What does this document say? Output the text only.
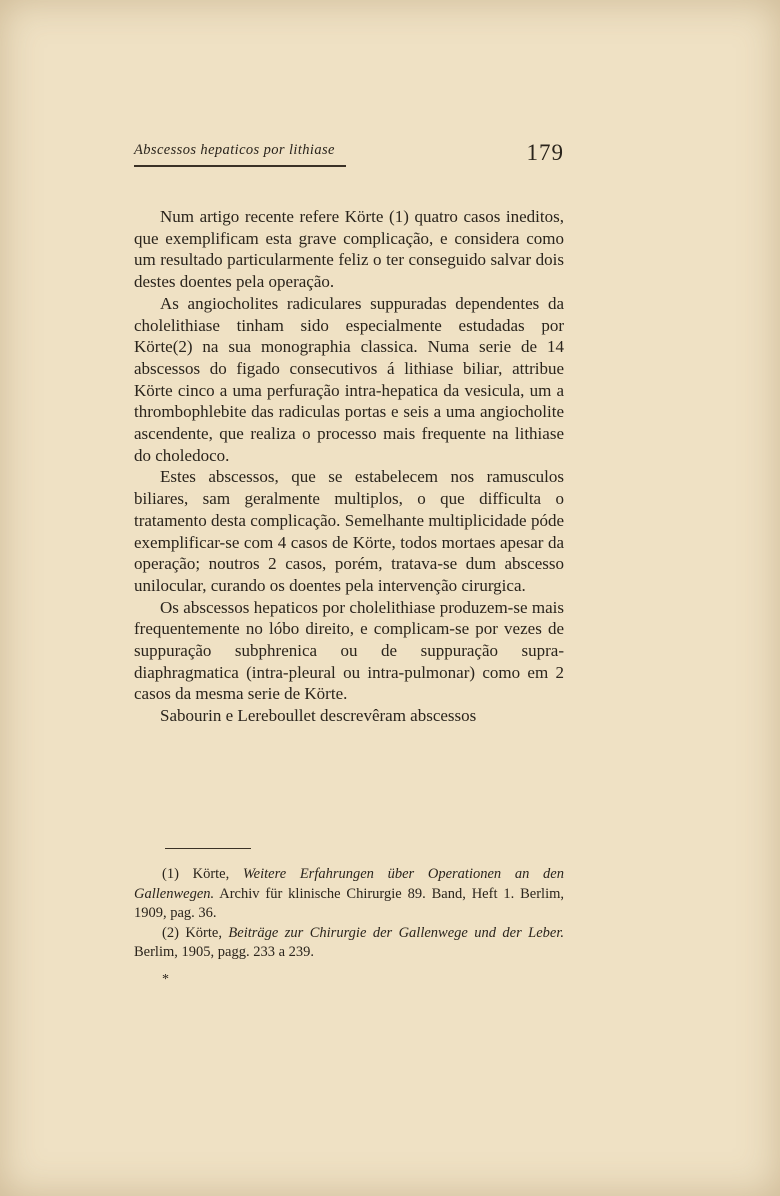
Abscessos hepaticos por lithiase	179

Num artigo recente refere Körte (1) quatro casos ineditos, que exemplificam esta grave complicação, e considera como um resultado particularmente feliz o ter conseguido salvar dois destes doentes pela operação.

As angiocholites radiculares suppuradas dependentes da cholelithiase tinham sido especialmente estudadas por Körte(2) na sua monographia classica. Numa serie de 14 abscessos do figado consecutivos á lithiase biliar, attribue Körte cinco a uma perfuração intra-hepatica da vesicula, um a thrombophlebite das radiculas portas e seis a uma angiocholite ascendente, que realiza o processo mais frequente na lithiase do choledoco.

Estes abscessos, que se estabelecem nos ramusculos biliares, sam geralmente multiplos, o que difficulta o tratamento desta complicação. Semelhante multiplicidade póde exemplificar-se com 4 casos de Körte, todos mortaes apesar da operação; noutros 2 casos, porém, tratava-se dum abscesso unilocular, curando os doentes pela intervenção cirurgica.

Os abscessos hepaticos por cholelithiase produzem-se mais frequentemente no lóbo direito, e complicam-se por vezes de suppuração subphrenica ou de suppuração supra-diaphragmatica (intra-pleural ou intra-pulmonar) como em 2 casos da mesma serie de Körte.

Sabourin e Lereboullet descrevêram abscessos

(1) Körte, Weitere Erfahrungen über Operationen an den Gallenwegen. Archiv für klinische Chirurgie 89. Band, Heft 1. Berlim, 1909, pag. 36.

(2) Körte, Beiträge zur Chirurgie der Gallenwege und der Leber. Berlim, 1905, pagg. 233 a 239.

*
